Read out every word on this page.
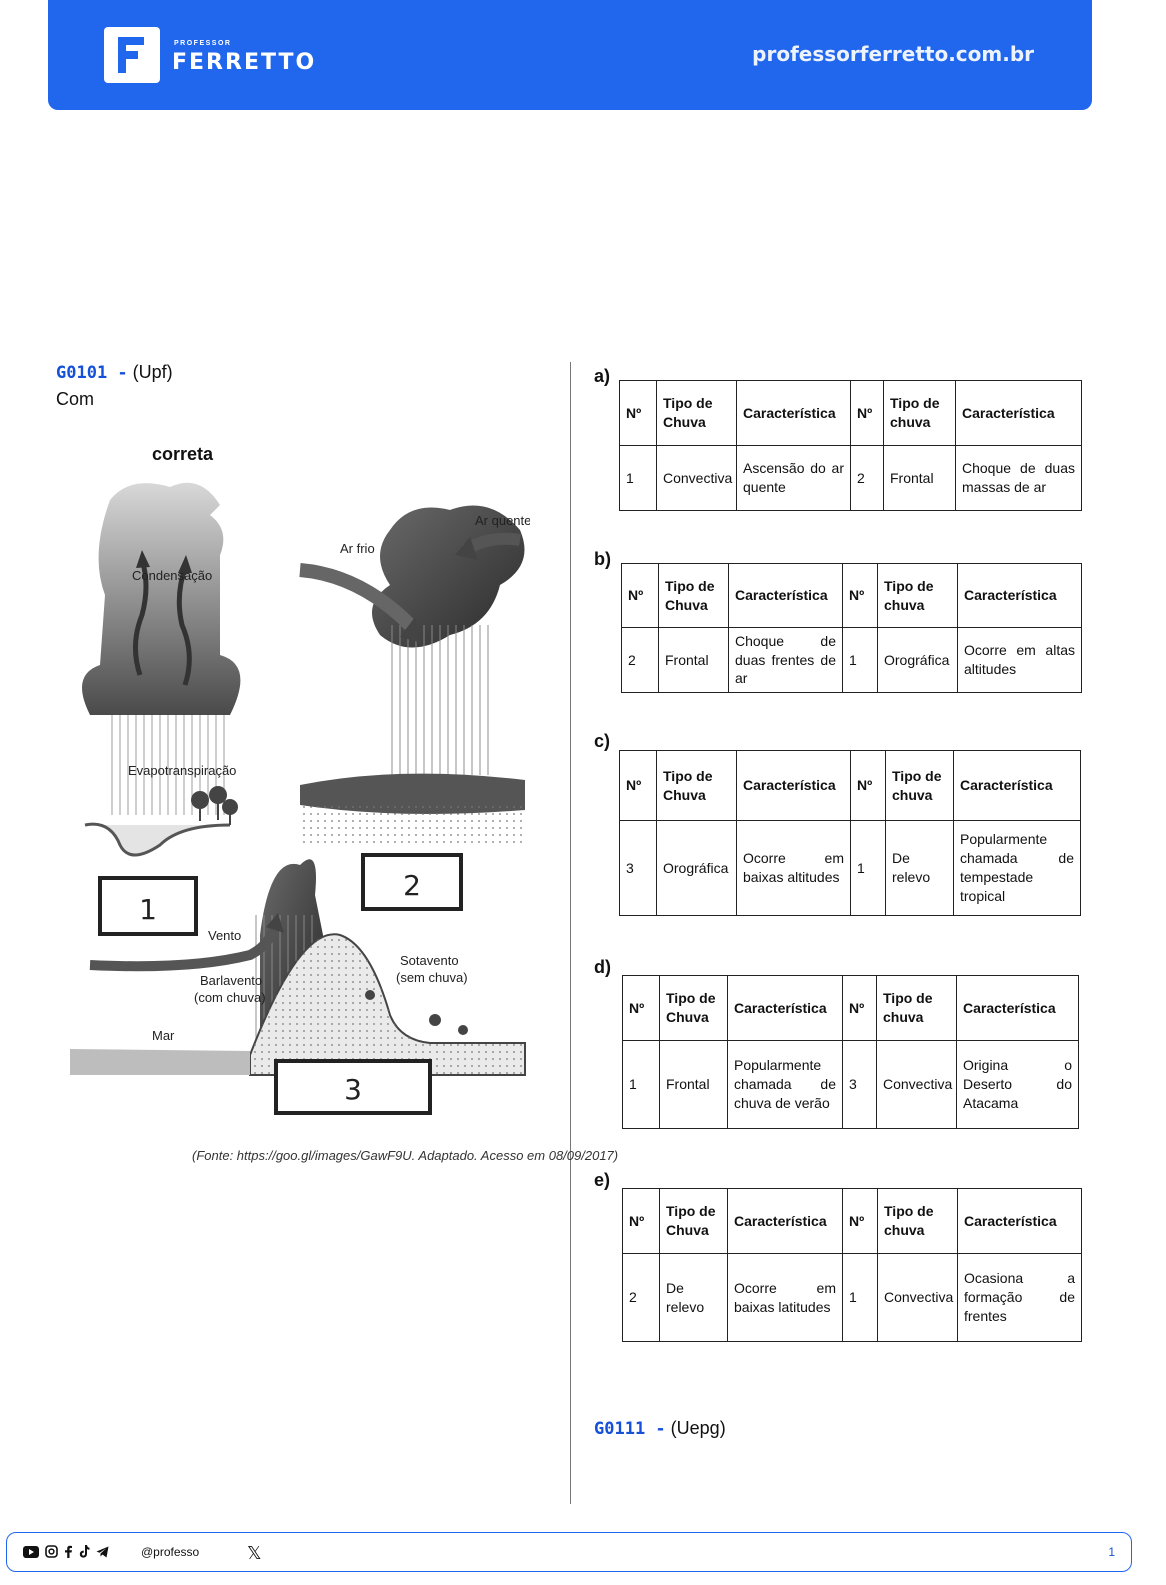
PROFESSOR
FERRETTO	professorferretto.com.br
G0101 - (Upf)
Com
correta
Condensação
Evapotranspiração
1
Ar frio
Ar quente
2
Vento
Barlavento
(com chuva)
Sotavento
(sem chuva)
Mar
3
(Fonte: https://goo.gl/images/GawF9U. Adaptado. Acesso em 08/09/2017)
a)
Nº	Tipo de Chuva	Característica	Nº	Tipo de chuva	Característica
1	Convectiva	Ascensão do ar quente	2	Frontal	Choque de duas massas de ar
b)
Nº	Tipo de Chuva	Característica	Nº	Tipo de chuva	Característica
2	Frontal	Choque de duas frentes de ar	1	Orográfica	Ocorre em altas altitudes
c)
Nº	Tipo de Chuva	Característica	Nº	Tipo de chuva	Característica
3	Orográfica	Ocorre em baixas altitudes	1	De relevo	Popularmente chamada de tempestade tropical
d)
Nº	Tipo de Chuva	Característica	Nº	Tipo de chuva	Característica
1	Frontal	Popularmente chamada de chuva de verão	3	Convectiva	Origina o Deserto do Atacama
e)
Nº	Tipo de Chuva	Característica	Nº	Tipo de chuva	Característica
2	De relevo	Ocorre em baixas latitudes	1	Convectiva	Ocasiona a formação de frentes
G0111 - (Uepg)
@professo	𝕏	1
